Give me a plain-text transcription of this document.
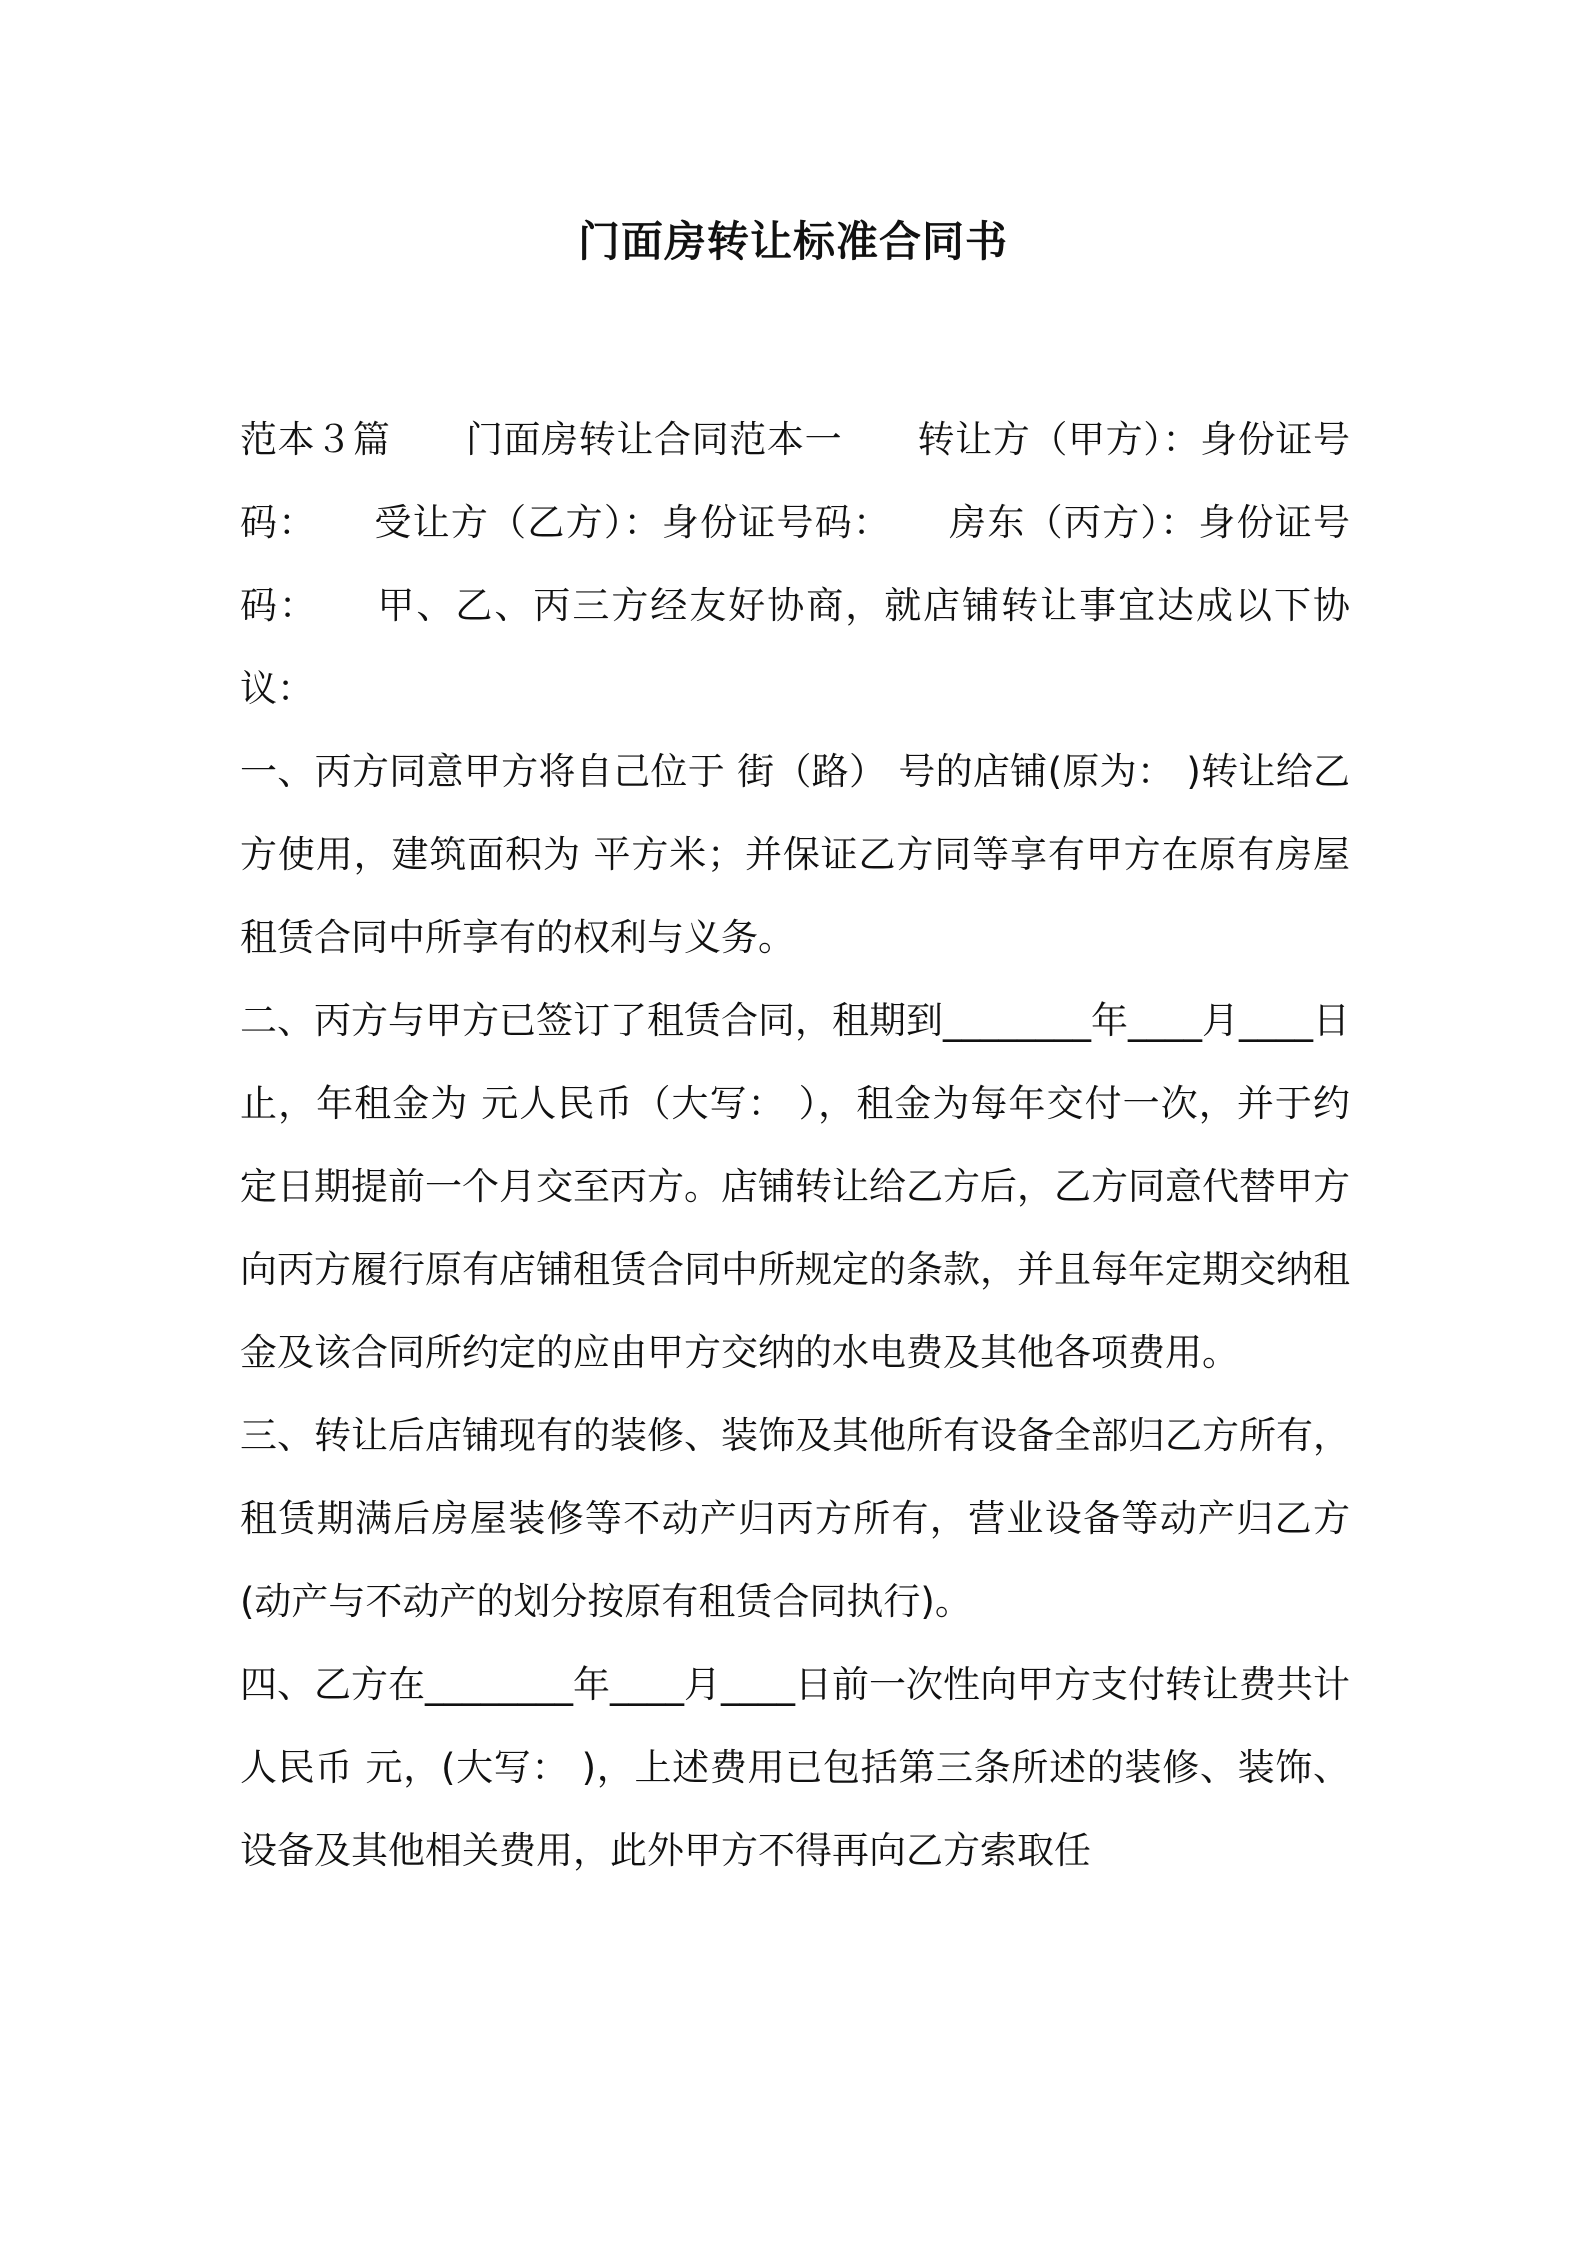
门面房转让标准合同书

范本３篇　　门面房转让合同范本一　　转让方（甲方）：身份证号码：　　受让方（乙方）：身份证号码：　　房东（丙方）：身份证号码：　　甲、乙、丙三方经友好协商，就店铺转让事宜达成以下协议：

一、丙方同意甲方将自己位于 街（路） 号的店铺(原为： )转让给乙方使用，建筑面积为 平方米；并保证乙方同等享有甲方在原有房屋租赁合同中所享有的权利与义务。

二、丙方与甲方已签订了租赁合同，租期到________年____月____日止，年租金为 元人民币（大写： ），租金为每年交付一次，并于约定日期提前一个月交至丙方。店铺转让给乙方后，乙方同意代替甲方向丙方履行原有店铺租赁合同中所规定的条款，并且每年定期交纳租金及该合同所约定的应由甲方交纳的水电费及其他各项费用。

三、转让后店铺现有的装修、装饰及其他所有设备全部归乙方所有，租赁期满后房屋装修等不动产归丙方所有，营业设备等动产归乙方(动产与不动产的划分按原有租赁合同执行)。

四、乙方在________年____月____日前一次性向甲方支付转让费共计人民币 元，(大写： )，上述费用已包括第三条所述的装修、装饰、设备及其他相关费用，此外甲方不得再向乙方索取任
